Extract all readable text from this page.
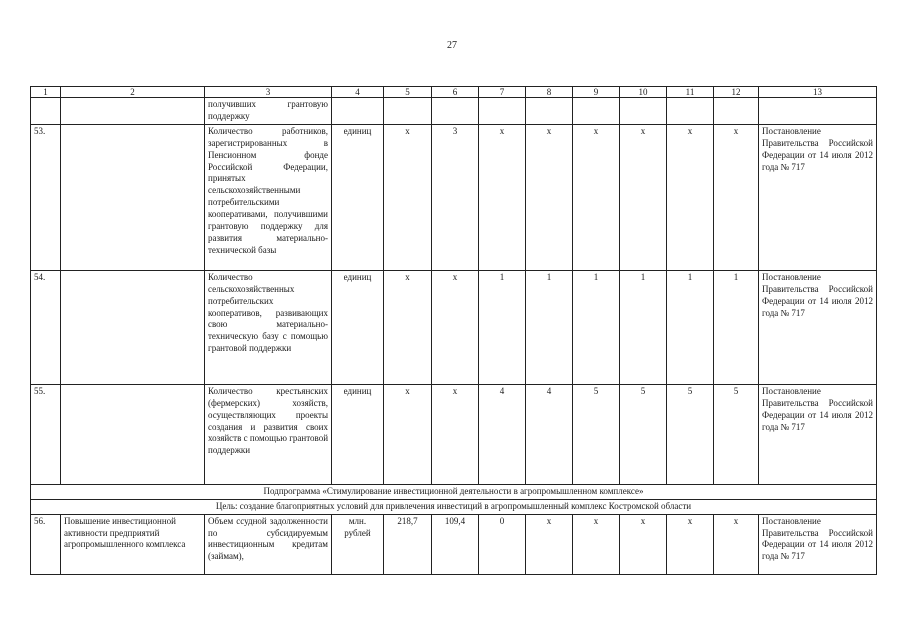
27
1	2	3	4	5	6	7	8	9	10	11	12	13
		получивших грантовую поддержку										
53.		Количество работников, зарегистрированных в Пенсионном фонде Российской Федерации, принятых сельскохозяйственными потребительскими кооперативами, получившими грантовую поддержку для развития материально-технической базы	единиц	х	3	х	х	х	х	х	х	Постановление Правительства Российской Федерации от 14 июля 2012 года № 717
54.		Количество сельскохозяйственных потребительских кооперативов, развивающих свою материально-техническую базу с помощью грантовой поддержки	единиц	х	х	1	1	1	1	1	1	Постановление Правительства Российской Федерации от 14 июля 2012 года № 717
55.		Количество крестьянских (фермерских) хозяйств, осуществляющих проекты создания и развития своих хозяйств с помощью грантовой поддержки	единиц	х	х	4	4	5	5	5	5	Постановление Правительства Российской Федерации от 14 июля 2012 года № 717
Подпрограмма «Стимулирование инвестиционной деятельности в агропромышленном комплексе»												
Цель: создание благоприятных условий для привлечения инвестиций в агропромышленный комплекс Костромской области												
56.	Повышение инвестиционной активности предприятий агропромышленного комплекса	Объем ссудной задолженности по субсидируемым инвестиционным кредитам (займам),	млн. рублей	218,7	109,4	0	х	х	х	х	х	Постановление Правительства Российской Федерации от 14 июля 2012 года № 717
